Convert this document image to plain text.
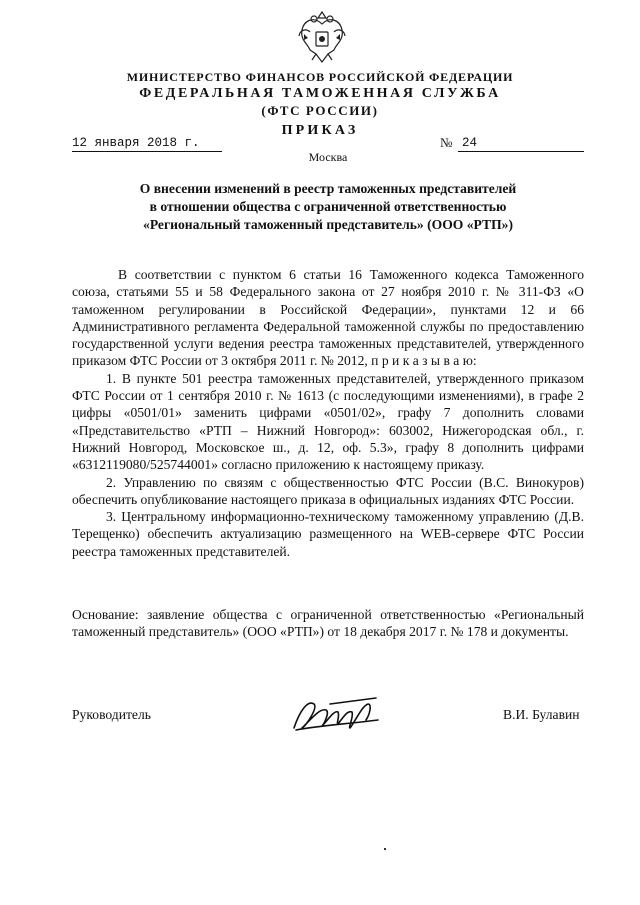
МИНИСТЕРСТВО ФИНАНСОВ РОССИЙСКОЙ ФЕДЕРАЦИИ
ФЕДЕРАЛЬНАЯ ТАМОЖЕННАЯ СЛУЖБА
(ФТС РОССИИ)
ПРИКАЗ
12 января 2018 г.	№ 24
Москва
О внесении изменений в реестр таможенных представителей
в отношении общества с ограниченной ответственностью
«Региональный таможенный представитель» (ООО «РТП»)

В соответствии с пунктом 6 статьи 16 Таможенного кодекса Таможенного союза, статьями 55 и 58 Федерального закона от 27 ноября 2010 г. № 311-ФЗ «О таможенном регулировании в Российской Федерации», пунктами 12 и 66 Административного регламента Федеральной таможенной службы по предоставлению государственной услуги ведения реестра таможенных представителей, утвержденного приказом ФТС России от 3 октября 2011 г. № 2012, п р и к а з ы в а ю:

1. В пункте 501 реестра таможенных представителей, утвержденного приказом ФТС России от 1 сентября 2010 г. № 1613 (с последующими изменениями), в графе 2 цифры «0501/01» заменить цифрами «0501/02», графу 7 дополнить словами «Представительство «РТП – Нижний Новгород»: 603002, Нижегородская обл., г. Нижний Новгород, Московское ш., д. 12, оф. 5.3», графу 8 дополнить цифрами «6312119080/525744001» согласно приложению к настоящему приказу.

2. Управлению по связям с общественностью ФТС России (В.С. Винокуров) обеспечить опубликование настоящего приказа в официальных изданиях ФТС России.

3. Центральному информационно-техническому таможенному управлению (Д.В. Терещенко) обеспечить актуализацию размещенного на WEB-сервере ФТС России реестра таможенных представителей.

Основание: заявление общества с ограниченной ответственностью «Региональный таможенный представитель» (ООО «РТП») от 18 декабря 2017 г. № 178 и документы.
Руководитель	В.И. Булавин
